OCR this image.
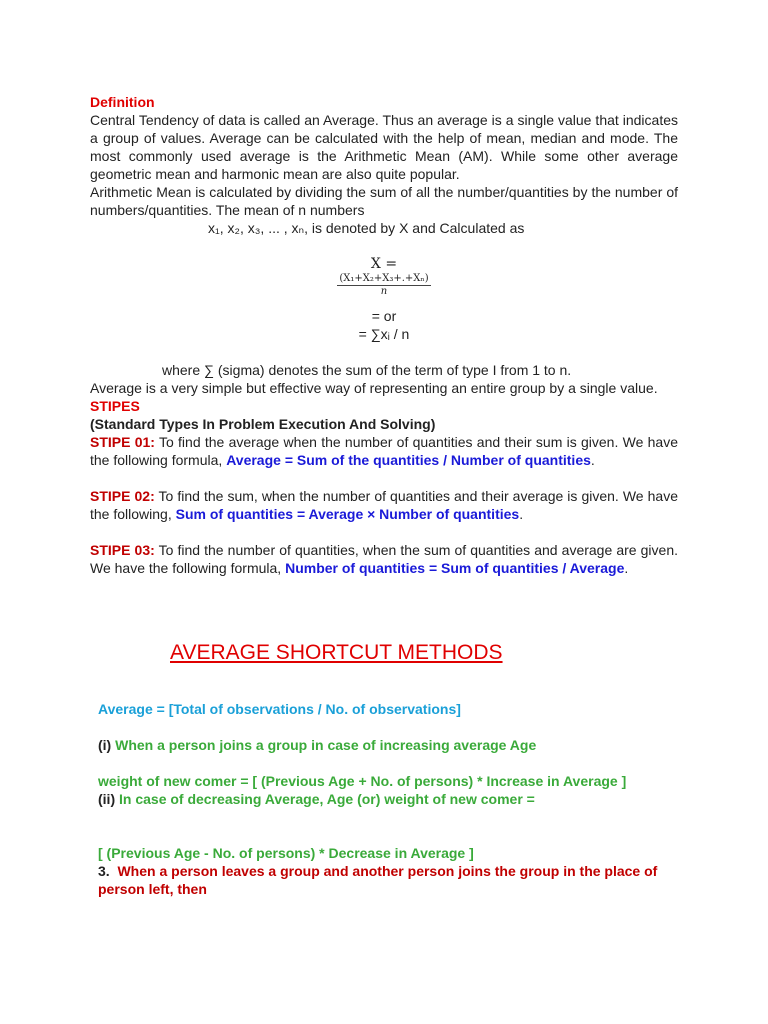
Definition

Central Tendency of data is called an Average. Thus an average is a single value that indicates a group of values. Average can be calculated with the help of mean, median and mode. The most commonly used average is the Arithmetic Mean (AM). While some other average geometric mean and harmonic mean are also quite popular.

Arithmetic Mean is calculated by dividing the sum of all the number/quantities by the number of numbers/quantities. The mean of n numbers

x₁, x₂, x₃, ... , xₙ, is denoted by X and Calculated as

X =
$\frac{\text{(X₁+X₂+X₃+.+Xₙ)}}{n}$
= or
= ∑xᵢ / n

where ∑ (sigma) denotes the sum of the term of type I from 1 to n.

Average is a very simple but effective way of representing an entire group by a single value.

STIPES
(Standard Types In Problem Execution And Solving)

STIPE 01: To find the average when the number of quantities and their sum is given. We have the following formula, Average = Sum of the quantities / Number of quantities.

STIPE 02: To find the sum, when the number of quantities and their average is given. We have the following, Sum of quantities = Average × Number of quantities.

STIPE 03: To find the number of quantities, when the sum of quantities and average are given. We have the following formula, Number of quantities = Sum of quantities / Average.

AVERAGE SHORTCUT METHODS
Average = [Total of observations / No. of observations]
(i) When a person joins a group in case of increasing average Age
weight of new comer = [ (Previous Age + No. of persons) * Increase in Average ]
(ii) In case of decreasing Average, Age (or) weight of new comer =
[ (Previous Age - No. of persons) * Decrease in Average ]
3. When a person leaves a group and another person joins the group in the place of person left, then
